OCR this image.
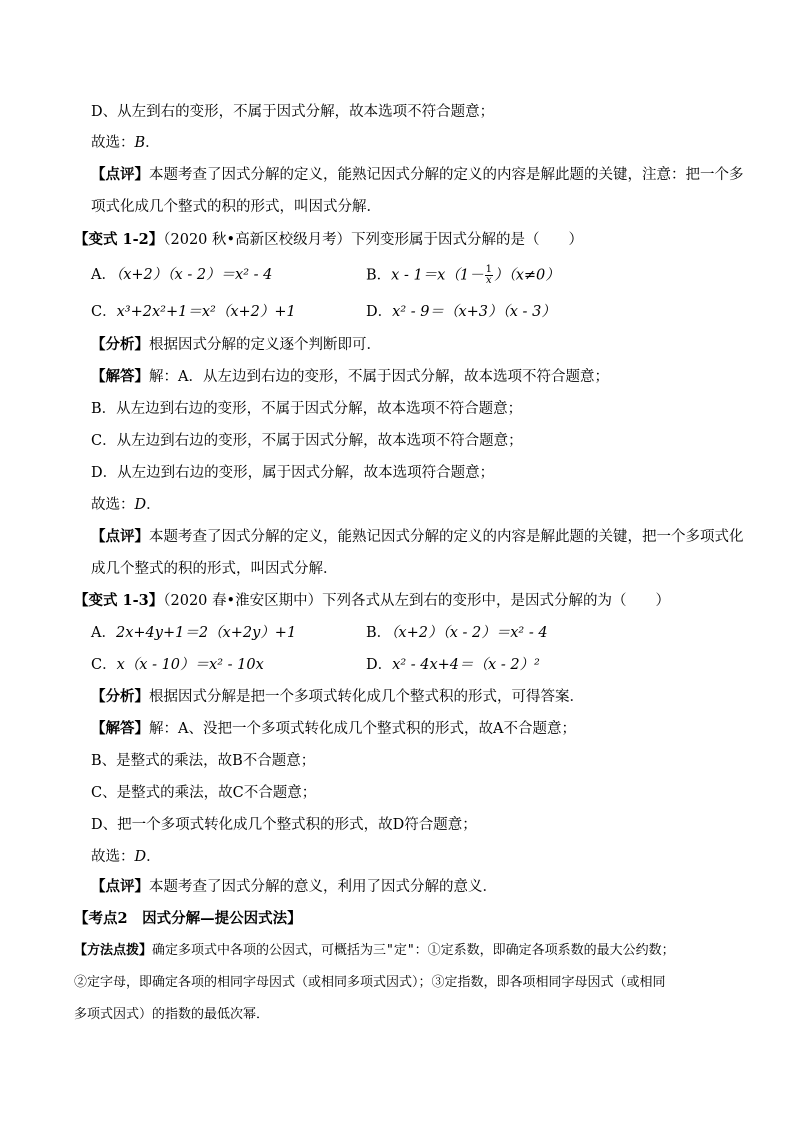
D、从左到右的变形，不属于因式分解，故本选项不符合题意；
故选：B．
【点评】本题考查了因式分解的定义，能熟记因式分解的定义的内容是解此题的关键，注意：把一个多
项式化成几个整式的积的形式，叫因式分解．
【变式 1-2】（2020 秋•高新区校级月考）下列变形属于因式分解的是（　　）
A．（x+2）（x - 2）＝x² - 4	B．$x - 1=x(1- \frac{1}{x} )(x\ne 0)$
C．x³+2x²+1＝x²（x+2）+1	D．x² - 9＝（x+3）（x - 3）
【分析】根据因式分解的定义逐个判断即可．
【解答】解：A．从左边到右边的变形，不属于因式分解，故本选项不符合题意；
B．从左边到右边的变形，不属于因式分解，故本选项不符合题意；
C．从左边到右边的变形，不属于因式分解，故本选项不符合题意；
D．从左边到右边的变形，属于因式分解，故本选项符合题意；
故选：D．
【点评】本题考查了因式分解的定义，能熟记因式分解的定义的内容是解此题的关键，把一个多项式化
成几个整式的积的形式，叫因式分解．
【变式 1-3】（2020 春•淮安区期中）下列各式从左到右的变形中，是因式分解的为（　　）
A．2x+4y+1＝2（x+2y）+1	B．（x+2）（x - 2）＝x² - 4
C．x（x - 10）＝x² - 10x	D．x² - 4x+4＝（x - 2）²
【分析】根据因式分解是把一个多项式转化成几个整式积的形式，可得答案．
【解答】解：A、没把一个多项式转化成几个整式积的形式，故A不合题意；
B、是整式的乘法，故B不合题意；
C、是整式的乘法，故C不合题意；
D、把一个多项式转化成几个整式积的形式，故D符合题意；
故选：D．
【点评】本题考查了因式分解的意义，利用了因式分解的意义．
【考点2　因式分解—提公因式法】
【方法点拨】确定多项式中各项的公因式，可概括为三"定"：①定系数，即确定各项系数的最大公约数；
②定字母，即确定各项的相同字母因式（或相同多项式因式）；③定指数，即各项相同字母因式（或相同
多项式因式）的指数的最低次幂．
